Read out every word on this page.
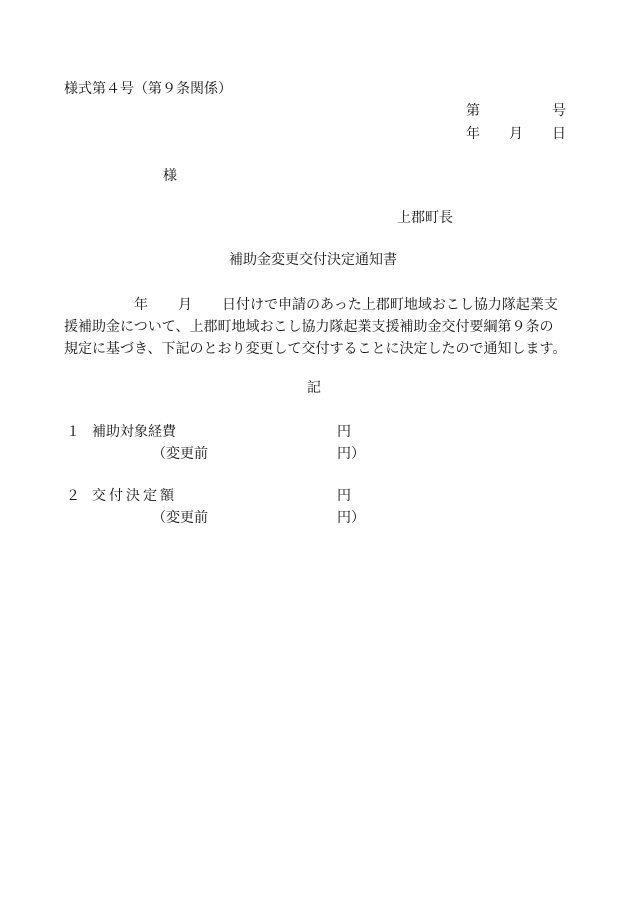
様式第４号（第９条関係）
第	号
年 月 日
様
上郡町長
補助金変更交付決定通知書
年 月 日付けで申請のあった上郡町地域おこし協力隊起業支
援補助金について、上郡町地域おこし協力隊起業支援補助金交付要綱第９条の
規定に基づき、下記のとおり変更して交付することに決定したので通知します。
記
１ 補助対象経費	円
（変更前	円）
２ 交付決定額	円
（変更前	円）
